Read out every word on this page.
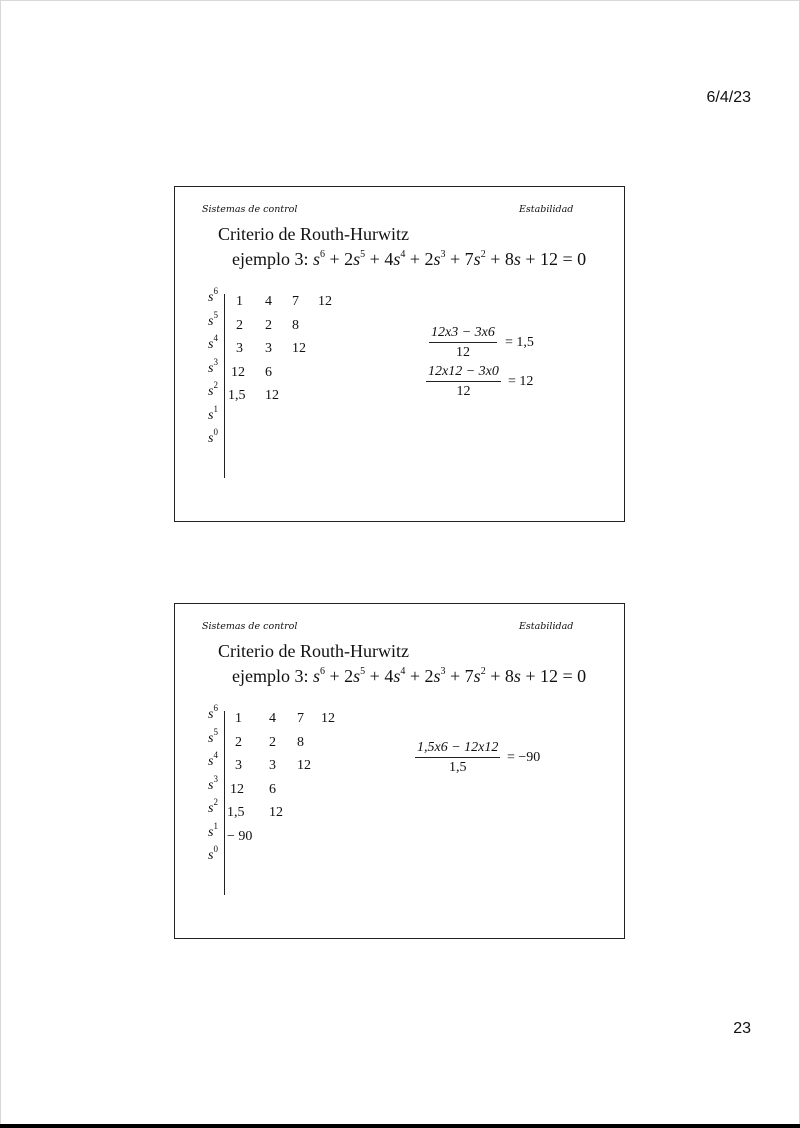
6/4/23
Sistemas de control	Estabilidad
Criterio de Routh-Hurwitz
ejemplo 3: $s^6 + 2s^5 + 4s^4 + 2s^3 + 7s^2 + 8s + 12 = 0$
$s^6$
1 4 7 12
$s^5$
2 2 8
$s^4$
3 3 12
$s^3$
12 6
$s^2$
1,5 12
$s^1$
$s^0$
12x3 − 3x6
12
= 1,5
12x12 − 3x0
12
= 12
Sistemas de control	Estabilidad
Criterio de Routh-Hurwitz
ejemplo 3: $s^6 + 2s^5 + 4s^4 + 2s^3 + 7s^2 + 8s + 12 = 0$
$s^6$
1 4 7 12
$s^5$
2 2 8
$s^4$
3 3 12
$s^3$
12 6
$s^2$
1,5 12
$s^1$
− 90
$s^0$
1,5x6 − 12x12
1,5
= −90
23
